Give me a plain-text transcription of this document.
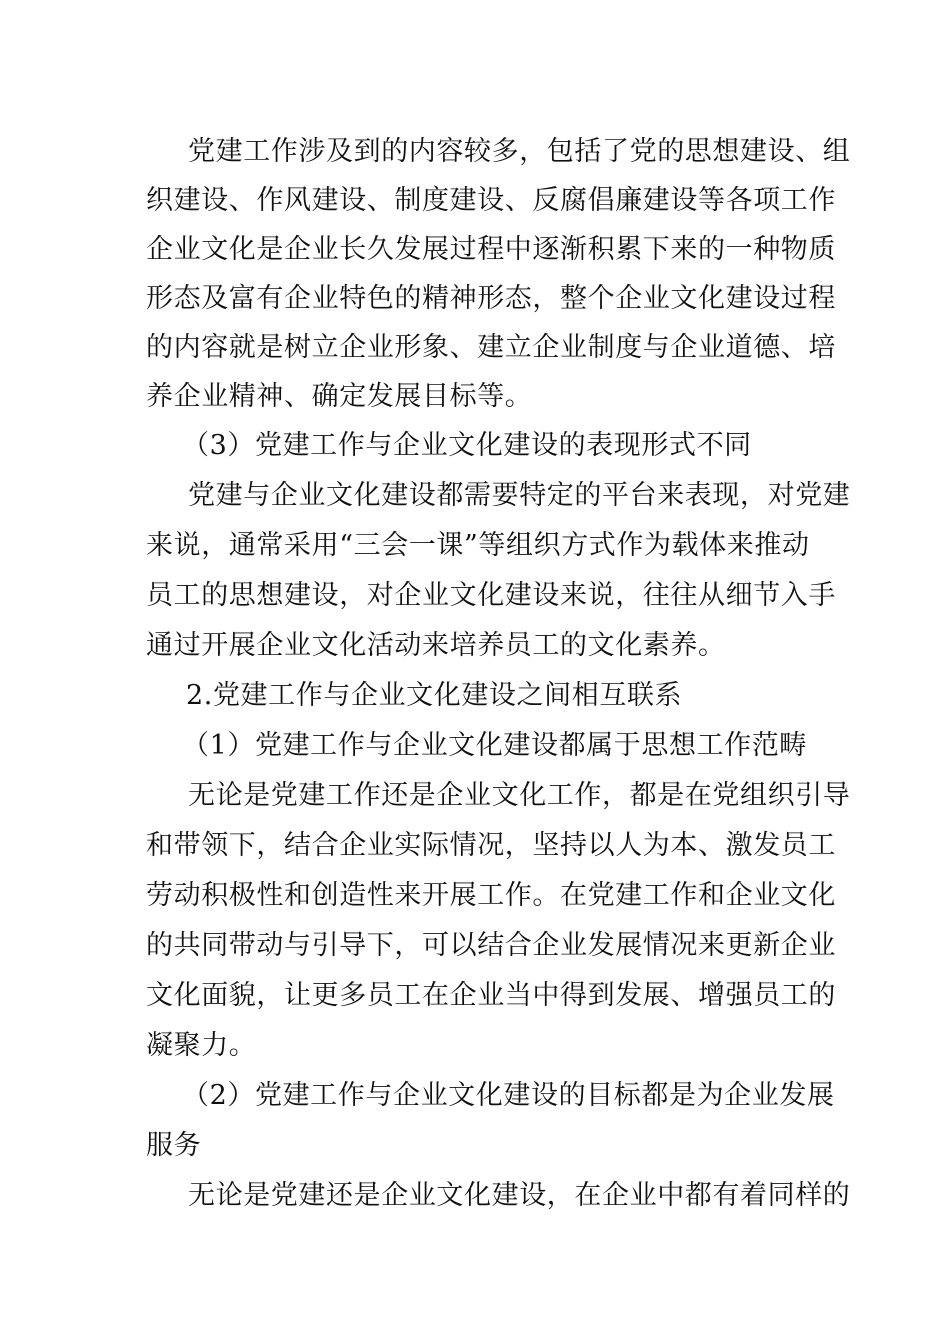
党建工作涉及到的内容较多，包括了党的思想建设、组
织建设、作风建设、制度建设、反腐倡廉建设等各项工作
企业文化是企业长久发展过程中逐渐积累下来的一种物质
形态及富有企业特色的精神形态，整个企业文化建设过程
的内容就是树立企业形象、建立企业制度与企业道德、培
养企业精神、确定发展目标等。
（3）党建工作与企业文化建设的表现形式不同
党建与企业文化建设都需要特定的平台来表现，对党建
来说，通常采用“三会一课”等组织方式作为载体来推动
员工的思想建设，对企业文化建设来说，往往从细节入手
通过开展企业文化活动来培养员工的文化素养。
2.党建工作与企业文化建设之间相互联系
（1）党建工作与企业文化建设都属于思想工作范畴
无论是党建工作还是企业文化工作，都是在党组织引导
和带领下，结合企业实际情况，坚持以人为本、激发员工
劳动积极性和创造性来开展工作。在党建工作和企业文化
的共同带动与引导下，可以结合企业发展情况来更新企业
文化面貌，让更多员工在企业当中得到发展、增强员工的
凝聚力。
（2）党建工作与企业文化建设的目标都是为企业发展
服务
无论是党建还是企业文化建设，在企业中都有着同样的
